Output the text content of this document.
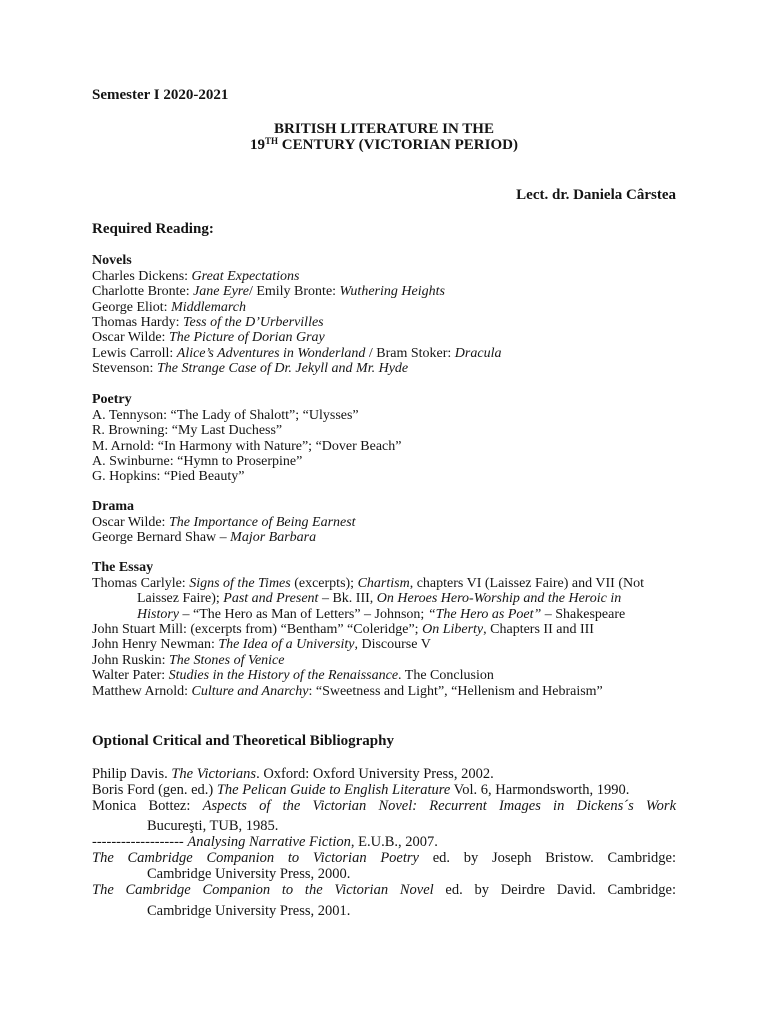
Semester I 2020-2021
BRITISH LITERATURE IN THE
19TH CENTURY (VICTORIAN PERIOD)
Lect. dr. Daniela Cârstea
Required Reading:
Novels
Charles Dickens: Great Expectations
Charlotte Bronte: Jane Eyre/ Emily Bronte: Wuthering Heights
George Eliot: Middlemarch
Thomas Hardy: Tess of the D’Urbervilles
Oscar Wilde: The Picture of Dorian Gray
Lewis Carroll: Alice’s Adventures in Wonderland / Bram Stoker: Dracula
Stevenson: The Strange Case of Dr. Jekyll and Mr. Hyde
Poetry
A. Tennyson: “The Lady of Shalott”; “Ulysses”
R. Browning: “My Last Duchess”
M. Arnold: “In Harmony with Nature”; “Dover Beach”
A. Swinburne: “Hymn to Proserpine”
G. Hopkins: “Pied Beauty”
Drama
Oscar Wilde: The Importance of Being Earnest
George Bernard Shaw – Major Barbara
The Essay
Thomas Carlyle: Signs of the Times (excerpts); Chartism, chapters VI (Laissez Faire) and VII (Not
Laissez Faire); Past and Present – Bk. III, On Heroes Hero-Worship and the Heroic in
History – “The Hero as Man of Letters” – Johnson; “The Hero as Poet” – Shakespeare
John Stuart Mill: (excerpts from) “Bentham” “Coleridge”; On Liberty, Chapters II and III
John Henry Newman: The Idea of a University, Discourse V
John Ruskin: The Stones of Venice
Walter Pater: Studies in the History of the Renaissance. The Conclusion
Matthew Arnold: Culture and Anarchy: “Sweetness and Light”, “Hellenism and Hebraism”
Optional Critical and Theoretical Bibliography
Philip Davis. The Victorians. Oxford: Oxford University Press, 2002.
Boris Ford (gen. ed.) The Pelican Guide to English Literature Vol. 6, Harmondsworth, 1990.
Monica Bottez: Aspects of the Victorian Novel: Recurrent Images in Dickens´s Work
Bucureşti, TUB, 1985.
------------------- Analysing Narrative Fiction, E.U.B., 2007.
The Cambridge Companion to Victorian Poetry ed. by Joseph Bristow. Cambridge:
Cambridge University Press, 2000.
The Cambridge Companion to the Victorian Novel ed. by Deirdre David. Cambridge:
Cambridge University Press, 2001.
